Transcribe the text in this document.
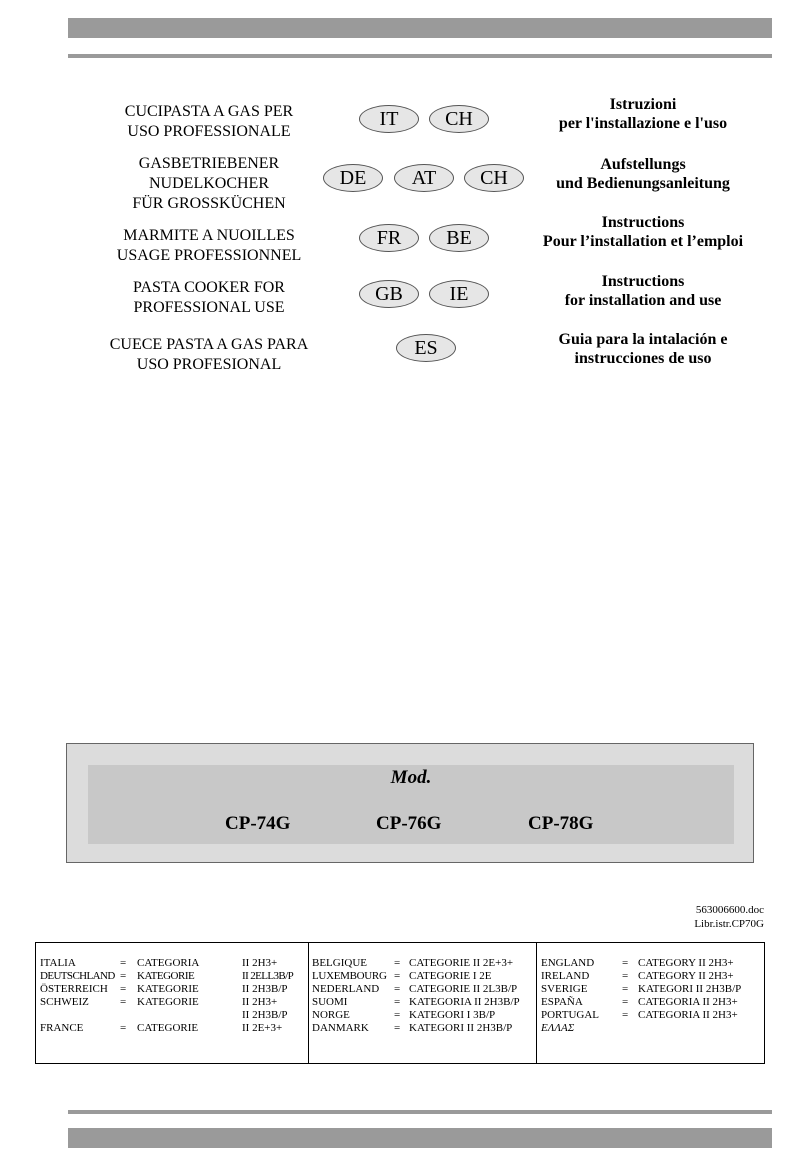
CUCIPASTA A GAS PER
USO PROFESSIONALE
IT	CH
Istruzioni
per l'installazione e l'uso
GASBETRIEBENER
NUDELKOCHER
FÜR GROSSKÜCHEN
DE	AT	CH
Aufstellungs
und Bedienungsanleitung
MARMITE A NUOILLES
USAGE PROFESSIONNEL
FR	BE
Instructions
Pour l’installation et l’emploi
PASTA COOKER FOR
PROFESSIONAL USE
GB	IE
Instructions
for installation and use
CUECE PASTA A GAS PARA
USO PROFESIONAL
ES	Guia para la intalación e
instrucciones de uso
Mod.
CP-74G	CP-76G	CP-78G
563006600.doc
Libr.istr.CP70G
ITALIA	= CATEGORIA	II 2H3+
DEUTSCHLAND = KATEGORIE	II 2ELL3B/P
ÖSTERREICH = KATEGORIE	II 2H3B/P
SCHWEIZ	= KATEGORIE	II 2H3+
II 2H3B/P
FRANCE	= CATEGORIE	II 2E+3+
BELGIQUE = CATEGORIE II 2E+3+
LUXEMBOURG = CATEGORIE I 2E
NEDERLAND = CATEGORIE II 2L3B/P
SUOMI	= KATEGORIA II 2H3B/P
NORGE	= KATEGORI I 3B/P
DANMARK = KATEGORI II 2H3B/P
ENGLAND	= CATEGORY II 2H3+
IRELAND	= CATEGORY II 2H3+
SVERIGE	= KATEGORI II 2H3B/P
ESPAÑA	= CATEGORIA II 2H3+
PORTUGAL = CATEGORIA II 2H3+
ΕΛΛΑΣ
